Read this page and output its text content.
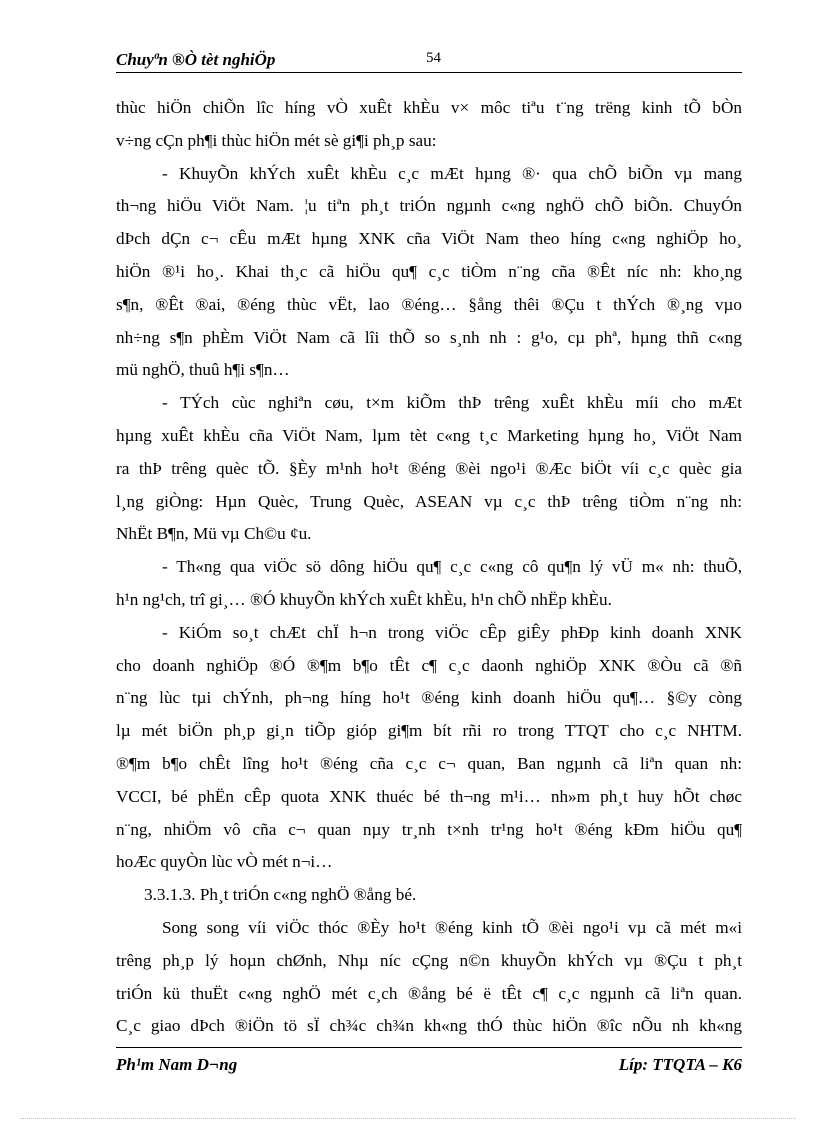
Chuyªn ®Ò tèt nghiÖp	54
thùc hiÖn chiÕn lîc híng vÒ xuÊt khÈu v× môc tiªu t¨ng trëng kinh tÕ bÒn
v÷ng cÇn ph¶i thùc hiÖn mét sè gi¶i ph¸p sau:
- KhuyÕn khÝch xuÊt khÈu c¸c mÆt hµng ®· qua chÕ biÕn vµ mang
th¬ng hiÖu ViÖt Nam. ¦u tiªn ph¸t triÓn ngµnh c«ng nghÖ chÕ biÕn. ChuyÓn
dÞch dÇn c¬ cÊu mÆt hµng XNK cña ViÖt Nam theo híng c«ng nghiÖp ho¸
hiÖn ®¹i ho¸. Khai th¸c cã hiÖu qu¶ c¸c tiÒm n¨ng cña ®Êt níc nh: kho¸ng
s¶n, ®Êt ®ai, ®éng thùc vËt, lao ®éng… §ång thêi ®Çu t thÝch ®¸ng vµo
nh÷ng s¶n phÈm ViÖt Nam cã lîi thÕ so s¸nh nh : g¹o, cµ phª, hµng thñ c«ng
mü nghÖ, thuû h¶i s¶n…
- TÝch cùc nghiªn cøu, t×m kiÕm thÞ trêng xuÊt khÈu míi cho mÆt
hµng xuÊt khÈu cña ViÖt Nam, lµm tèt c«ng t¸c Marketing hµng ho¸ ViÖt Nam
ra thÞ trêng quèc tÕ. §Èy m¹nh ho¹t ®éng ®èi ngo¹i ®Æc biÖt víi c¸c quèc gia
l¸ng giÒng: Hµn Quèc, Trung Quèc, ASEAN vµ c¸c thÞ trêng tiÒm n¨ng nh:
NhËt B¶n, Mü vµ Ch©u ¢u.
- Th«ng qua viÖc sö dông hiÖu qu¶ c¸c c«ng cô qu¶n lý vÜ m« nh: thuÕ,
h¹n ng¹ch, trî gi¸… ®Ó khuyÕn khÝch xuÊt khÈu, h¹n chÕ nhËp khÈu.
- KiÓm so¸t chÆt chÏ h¬n trong viÖc cÊp giÊy phÐp kinh doanh XNK
cho doanh nghiÖp ®Ó ®¶m b¶o tÊt c¶ c¸c daonh nghiÖp XNK ®Òu cã ®ñ
n¨ng lùc tµi chÝnh, ph¬ng híng ho¹t ®éng kinh doanh hiÖu qu¶… §©y còng
lµ mét biÖn ph¸p gi¸n tiÕp gióp gi¶m bít rñi ro trong TTQT cho c¸c NHTM.
®¶m b¶o chÊt lîng ho¹t ®éng cña c¸c c¬ quan, Ban ngµnh cã liªn quan nh:
VCCI, bé phËn cÊp quota XNK thuéc bé th¬ng m¹i… nh»m ph¸t huy hÕt chøc
n¨ng, nhiÖm vô cña c¬ quan nµy tr¸nh t×nh tr¹ng ho¹t ®éng kÐm hiÖu qu¶
hoÆc quyÒn lùc vÒ mét n¬i…
3.3.1.3. Ph¸t triÓn c«ng nghÖ ®ång bé.
Song song víi viÖc thóc ®Èy ho¹t ®éng kinh tÕ ®èi ngo¹i vµ cã mét m«i
trêng ph¸p lý hoµn chØnh, Nhµ níc cÇng n©n khuyÕn khÝch vµ ®Çu t ph¸t
triÓn kü thuËt c«ng nghÖ mét c¸ch ®ång bé ë tÊt c¶ c¸c ngµnh cã liªn quan.
C¸c giao dÞch ®iÖn tö sÏ ch¾c ch¾n kh«ng thÓ thùc hiÖn ®îc nÕu nh kh«ng
Ph¹m Nam D¬ng	Líp: TTQTA – K6
